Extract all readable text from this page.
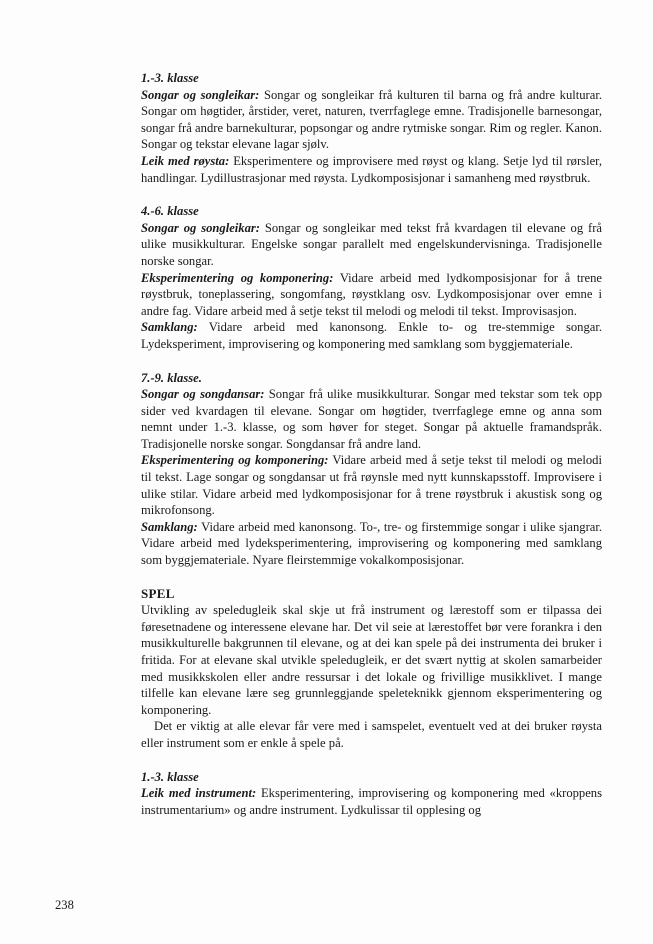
1.-3. klasse

Songar og songleikar: Songar og songleikar frå kulturen til barna og frå andre kulturar. Songar om høgtider, årstider, veret, naturen, tverrfaglege emne. Tradisjonelle barnesongar, songar frå andre barnekulturar, popsongar og andre rytmiske songar. Rim og regler. Kanon. Songar og tekstar elevane lagar sjølv.

Leik med røysta: Eksperimentere og improvisere med røyst og klang. Setje lyd til rørsler, handlingar. Lydillustrasjonar med røysta. Lydkomposisjonar i samanheng med røystbruk.

4.-6. klasse

Songar og songleikar: Songar og songleikar med tekst frå kvardagen til elevane og frå ulike musikkulturar. Engelske songar parallelt med engelskundervisninga. Tradisjonelle norske songar.

Eksperimentering og komponering: Vidare arbeid med lydkomposisjonar for å trene røystbruk, toneplassering, songomfang, røystklang osv. Lydkomposisjonar over emne i andre fag. Vidare arbeid med å setje tekst til melodi og melodi til tekst. Improvisasjon.

Samklang: Vidare arbeid med kanonsong. Enkle to- og tre-stemmige songar. Lydeksperiment, improvisering og komponering med samklang som byggjemateriale.

7.-9. klasse.

Songar og songdansar: Songar frå ulike musikkulturar. Songar med tekstar som tek opp sider ved kvardagen til elevane. Songar om høgtider, tverrfaglege emne og anna som nemnt under 1.-3. klasse, og som høver for steget. Songar på aktuelle framandspråk. Tradisjonelle norske songar. Songdansar frå andre land.

Eksperimentering og komponering: Vidare arbeid med å setje tekst til melodi og melodi til tekst. Lage songar og songdansar ut frå røynsle med nytt kunnskapsstoff. Improvisere i ulike stilar. Vidare arbeid med lydkomposisjonar for å trene røystbruk i akustisk song og mikrofonsong.

Samklang: Vidare arbeid med kanonsong. To-, tre- og firstemmige songar i ulike sjangrar. Vidare arbeid med lydeksperimentering, improvisering og komponering med samklang som byggjemateriale. Nyare fleirstemmige vokalkomposisjonar.

SPEL

Utvikling av speledugleik skal skje ut frå instrument og lærestoff som er tilpassa dei føresetnadene og interessene elevane har. Det vil seie at lærestoffet bør vere forankra i den musikkulturelle bakgrunnen til elevane, og at dei kan spele på dei instrumenta dei bruker i fritida. For at elevane skal utvikle speledugleik, er det svært nyttig at skolen samarbeider med musikkskolen eller andre ressursar i det lokale og frivillige musikklivet. I mange tilfelle kan elevane lære seg grunnleggjande speleteknikk gjennom eksperimentering og komponering.

Det er viktig at alle elevar får vere med i samspelet, eventuelt ved at dei bruker røysta eller instrument som er enkle å spele på.

1.-3. klasse

Leik med instrument: Eksperimentering, improvisering og komponering med «kroppens instrumentarium» og andre instrument. Lydkulissar til opplesing og

238
